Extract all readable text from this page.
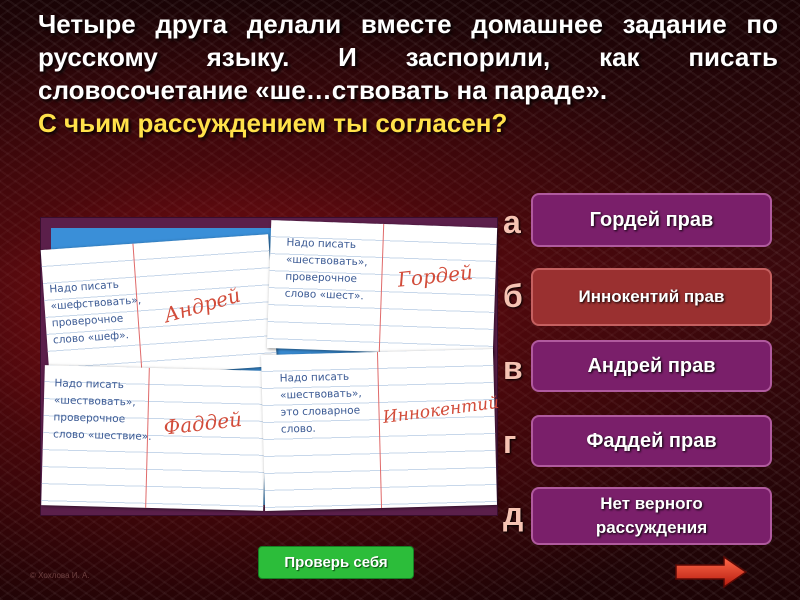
Четыре друга делали вместе домашнее задание по русскому языку. И заспорили, как писать словосочетание «ше…ствовать на параде».
С чьим рассуждением ты согласен?
Надо писать
«шефствовать»,
проверочное
слово «шеф».
Андрей
Надо писать
«шествовать»,
проверочное
слово «шест».
Гордей
Надо писать
«шествовать»,
проверочное
слово «шествие». Фаддей
Надо писать
«шествовать»,
это словарное
слово.
Иннокентий
а	Гордей прав
б	Иннокентий прав
в	Андрей прав
г	Фаддей прав
д	Нет верного рассуждения
Проверь себя
© Хохлова И. А.
